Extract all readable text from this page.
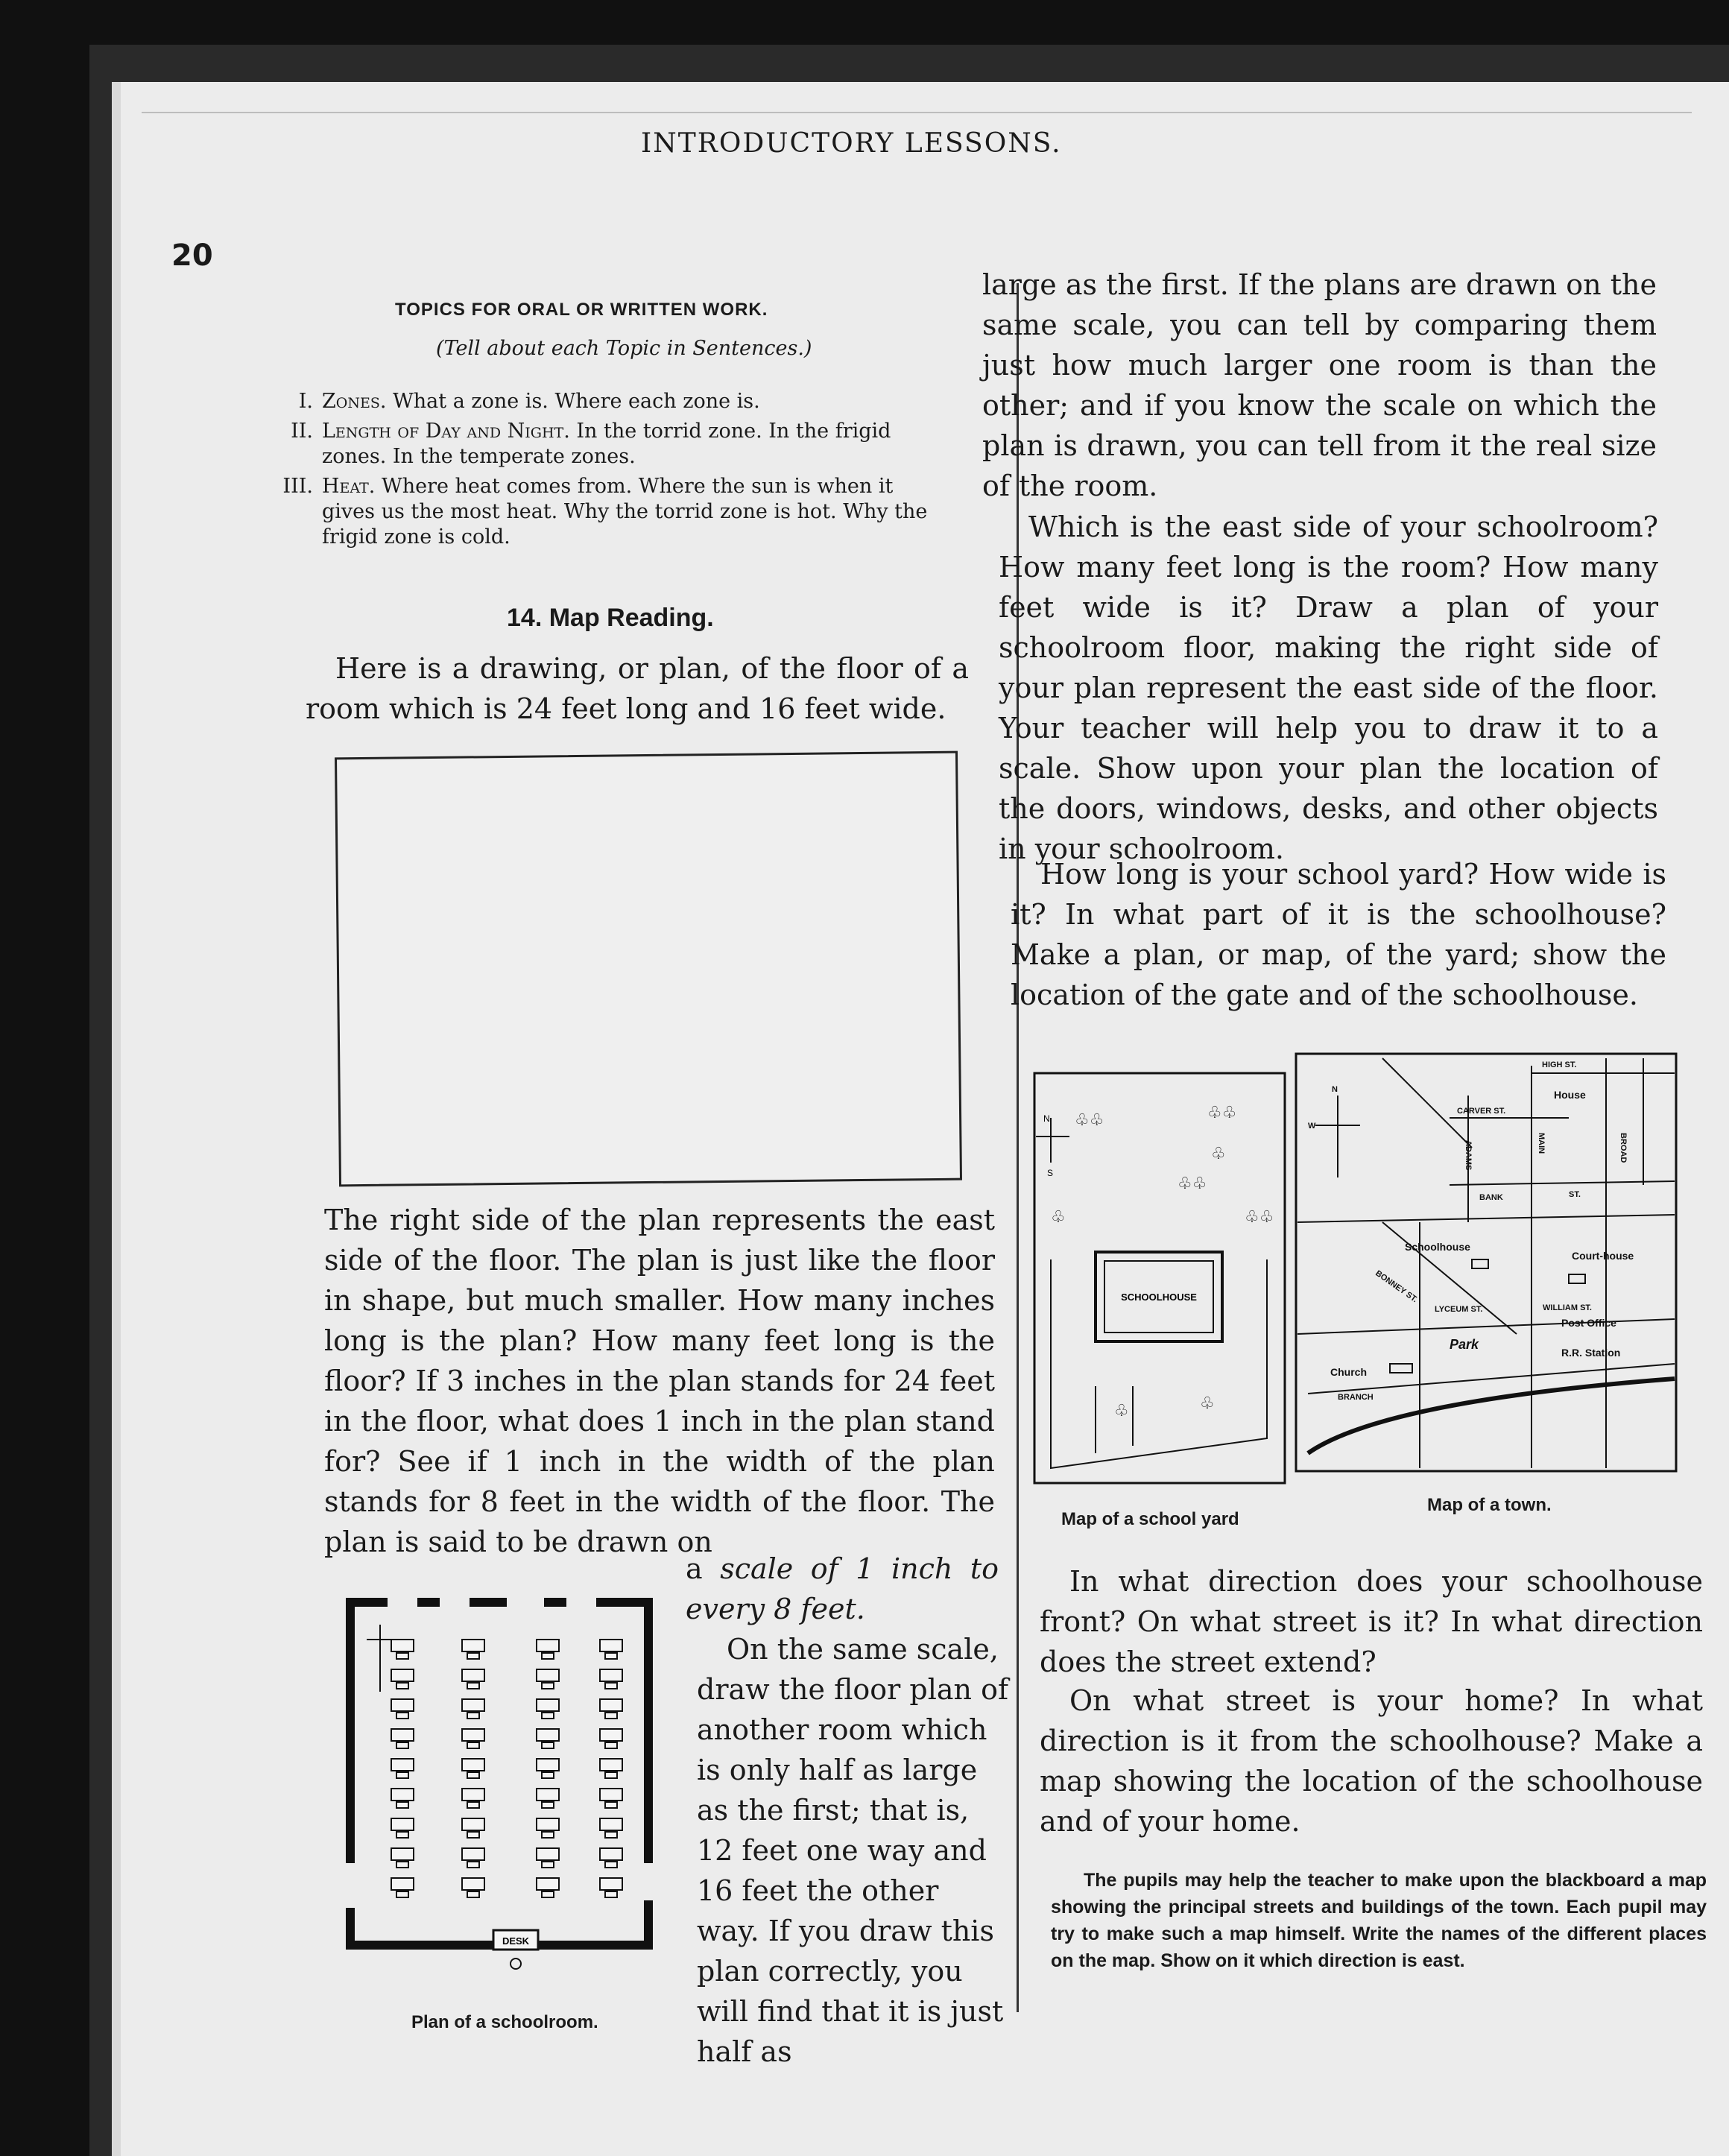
INTRODUCTORY LESSONS.
20
TOPICS FOR ORAL OR WRITTEN WORK.
(Tell about each Topic in Sentences.)
I. Zones. What a zone is. Where each zone is.
II. Length of Day and Night. In the torrid zone. In the frigid zones. In the temperate zones.
III. Heat. Where heat comes from. Where the sun is when it gives us the most heat. Why the torrid zone is hot. Why the frigid zone is cold.
14. Map Reading.
Here is a drawing, or plan, of the floor of a room which is 24 feet long and 16 feet wide.
The right side of the plan represents the east side of the floor. The plan is just like the floor in shape, but much smaller. How many inches long is the plan? How many feet long is the floor? If 3 inches in the plan stands for 24 feet in the floor, what does 1 inch in the plan stand for? See if 1 inch in the width of the plan stands for 8 feet in the width of the floor. The plan is said to be drawn on
a scale of 1 inch to every 8 feet.
On the same scale, draw the floor plan of another room which is only half as large as the first; that is, 12 feet one way and 16 feet the other way. If you draw this plan correctly, you will find that it is just half as
DESK
Plan of a schoolroom.
large as the first. If the plans are drawn on the same scale, you can tell by comparing them just how much larger one room is than the other; and if you know the scale on which the plan is drawn, you can tell from it the real size of the room.
Which is the east side of your schoolroom? How many feet long is the room? How many feet wide is it? Draw a plan of your schoolroom floor, making the right side of your plan represent the east side of the floor. Your teacher will help you to draw it to a scale. Show upon your plan the location of the doors, windows, desks, and other objects in your schoolroom.
How long is your school yard? How wide is it? In what part of it is the schoolhouse? Make a plan, or map, of the yard; show the location of the gate and of the schoolhouse.
SCHOOLHOUSE
♧♧	♧♧
♧
♧♧
♧	♧♧
♧	♧
N
S
Map of a school yard
HIGH ST.
CARVER ST.
House
MAIN	BROAD
ADAMS
BANK	ST.
Schoolhouse
BONNEY ST.
Court-house
LYCEUM ST.	WILLIAM ST.
Post Office
R.R. Station
Park
Church
BRANCH
N
W
Map of a town.
In what direction does your schoolhouse front? On what street is it? In what direction does the street extend?
On what street is your home? In what direction is it from the schoolhouse? Make a map showing the location of the schoolhouse and of your home.
The pupils may help the teacher to make upon the blackboard a map showing the principal streets and buildings of the town. Each pupil may try to make such a map himself. Write the names of the different places on the map. Show on it which direction is east.
